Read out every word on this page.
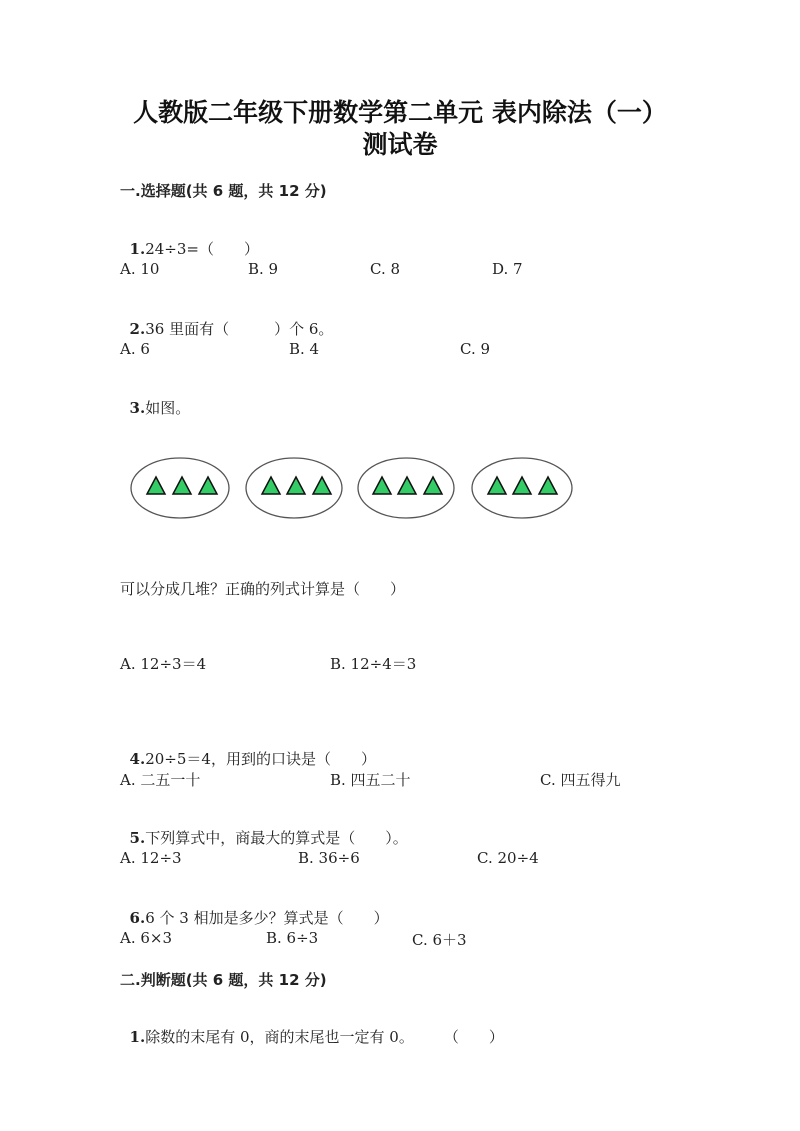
人教版二年级下册数学第二单元 表内除法（一）
测试卷
一.选择题(共 6 题，共 12 分)

1.24÷3=（　　）

A. 10	B. 9	C. 8	D. 7

2.36 里面有（　　　）个 6。

A. 6	B. 4	C. 9

3.如图。

可以分成几堆？正确的列式计算是（　　）
A. 12÷3＝4	B. 12÷4＝3

4.20÷5＝4，用到的口诀是（　　）

A. 二五一十	B. 四五二十	C. 四五得九

5.下列算式中，商最大的算式是（　　）。

A. 12÷3	B. 36÷6	C. 20÷4

6.6 个 3 相加是多少？算式是（　　）

A. 6×3	B. 6÷3	C. 6＋3
二.判断题(共 6 题，共 12 分)

1.除数的末尾有 0，商的末尾也一定有 0。　　　（　　）
